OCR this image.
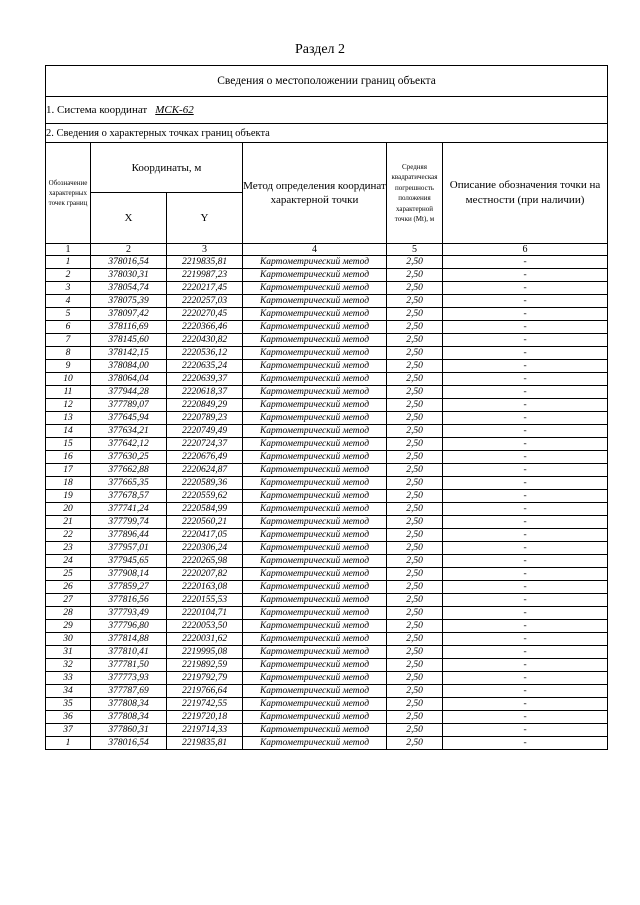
Раздел 2
Сведения о местоположении границ объекта					
1. Система координат МСК-62					
2. Сведения о характерных точках границ объекта					
Обозначение характерных точек границ	Координаты, м		Метод определения координат характерной точки	Средняя квадратическая погрешность положения характерной точки (Mt), м	Описание обозначения точки на местности (при наличии)
	X	Y			
1	2	3	4	5	6
1	378016,54	2219835,81	Картометрический метод	2,50	-
2	378030,31	2219987,23	Картометрический метод	2,50	-
3	378054,74	2220217,45	Картометрический метод	2,50	-
4	378075,39	2220257,03	Картометрический метод	2,50	-
5	378097,42	2220270,45	Картометрический метод	2,50	-
6	378116,69	2220366,46	Картометрический метод	2,50	-
7	378145,60	2220430,82	Картометрический метод	2,50	-
8	378142,15	2220536,12	Картометрический метод	2,50	-
9	378084,00	2220635,24	Картометрический метод	2,50	-
10	378064,04	2220639,37	Картометрический метод	2,50	-
11	377944,28	2220618,37	Картометрический метод	2,50	-
12	377789,07	2220849,29	Картометрический метод	2,50	-
13	377645,94	2220789,23	Картометрический метод	2,50	-
14	377634,21	2220749,49	Картометрический метод	2,50	-
15	377642,12	2220724,37	Картометрический метод	2,50	-
16	377630,25	2220676,49	Картометрический метод	2,50	-
17	377662,88	2220624,87	Картометрический метод	2,50	-
18	377665,35	2220589,36	Картометрический метод	2,50	-
19	377678,57	2220559,62	Картометрический метод	2,50	-
20	377741,24	2220584,99	Картометрический метод	2,50	-
21	377799,74	2220560,21	Картометрический метод	2,50	-
22	377896,44	2220417,05	Картометрический метод	2,50	-
23	377957,01	2220306,24	Картометрический метод	2,50	-
24	377945,65	2220265,98	Картометрический метод	2,50	-
25	377908,14	2220207,82	Картометрический метод	2,50	-
26	377859,27	2220163,08	Картометрический метод	2,50	-
27	377816,56	2220155,53	Картометрический метод	2,50	-
28	377793,49	2220104,71	Картометрический метод	2,50	-
29	377796,80	2220053,50	Картометрический метод	2,50	-
30	377814,88	2220031,62	Картометрический метод	2,50	-
31	377810,41	2219995,08	Картометрический метод	2,50	-
32	377781,50	2219892,59	Картометрический метод	2,50	-
33	377773,93	2219792,79	Картометрический метод	2,50	-
34	377787,69	2219766,64	Картометрический метод	2,50	-
35	377808,34	2219742,55	Картометрический метод	2,50	-
36	377808,34	2219720,18	Картометрический метод	2,50	-
37	377860,31	2219714,33	Картометрический метод	2,50	-
1	378016,54	2219835,81	Картометрический метод	2,50	-
